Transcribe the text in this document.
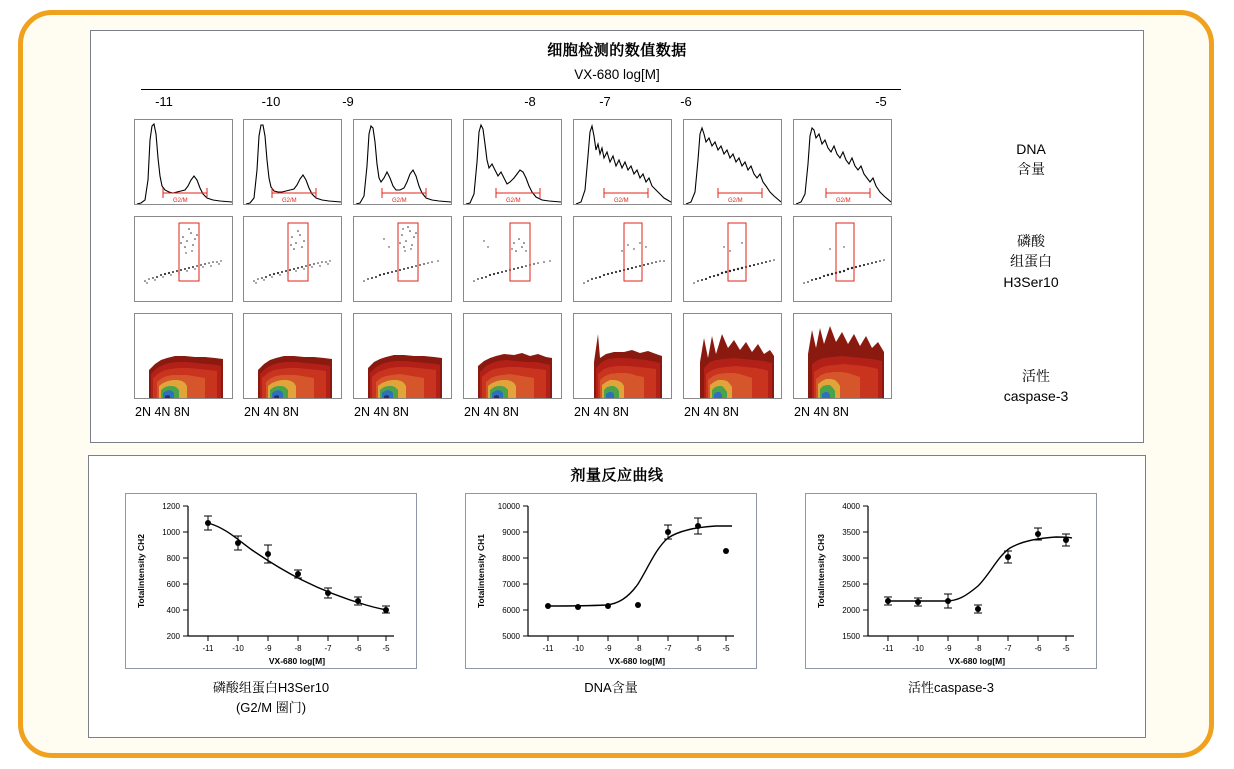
细胞检测的数值数据
VX-680 log[M]
-11	-10	-9	-8	-7	-6	-5
G2/M	G2/M	G2/M	G2/M	G2/M	G2/M	G2/M
DNA
含量
磷酸
组蛋白
H3Ser10
活性
caspase-3
2N 4N 8N	2N 4N 8N	2N 4N 8N	2N 4N 8N	2N 4N 8N	2N 4N 8N	2N 4N 8N
剂量反应曲线
200
400
600
800
1000
1200
-11 -10	-9	-8	-7	-6	-5
VX-680 log[M]
Totalintensity CH2
磷酸组蛋白H3Ser10
(G2/M 圈门)
5000
6000
7000
8000
9000
10000
-11 -10	-9	-8	-7	-6	-5
VX-680 log[M]
Totalintensity CH1
DNA含量
1500
2000
2500
3000
3500
4000
-11 -10	-9	-8	-7	-6	-5
VX-680 log[M]
Totalintensity CH3
活性caspase-3
